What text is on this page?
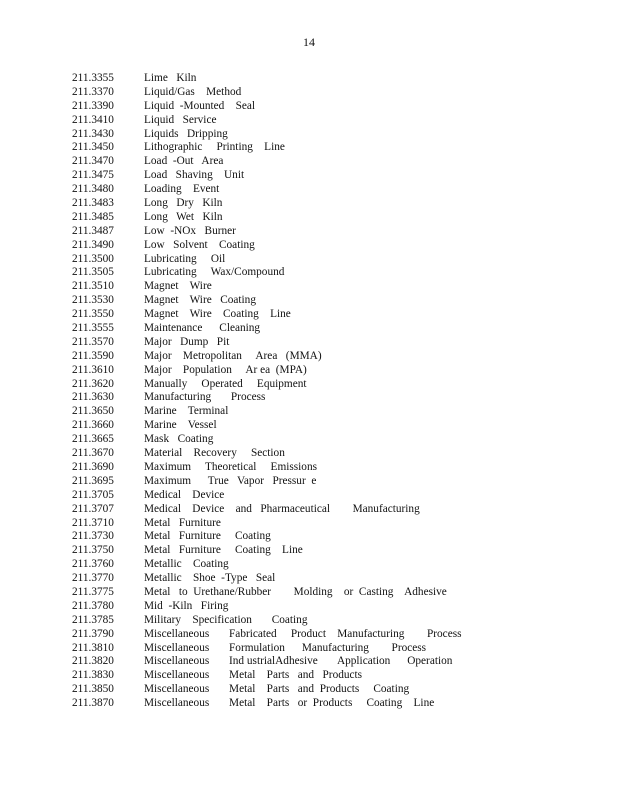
14
211.3355	Lime   Kiln
211.3370	Liquid/Gas    Method
211.3390	Liquid  -Mounted    Seal
211.3410	Liquid   Service
211.3430	Liquids   Dripping
211.3450	Lithographic     Printing    Line
211.3470	Load  -Out   Area
211.3475	Load   Shaving    Unit
211.3480	Loading    Event
211.3483	Long   Dry   Kiln
211.3485	Long   Wet   Kiln
211.3487	Low  -NOx   Burner
211.3490	Low   Solvent    Coating
211.3500	Lubricating     Oil
211.3505	Lubricating     Wax/Compound
211.3510	Magnet    Wire
211.3530	Magnet    Wire   Coating
211.3550	Magnet    Wire    Coating    Line
211.3555	Maintenance      Cleaning
211.3570	Major   Dump   Pit
211.3590	Major    Metropolitan     Area   (MMA)
211.3610	Major    Population     Ar ea  (MPA)
211.3620	Manually     Operated     Equipment
211.3630	Manufacturing       Process
211.3650	Marine    Terminal
211.3660	Marine    Vessel
211.3665	Mask   Coating
211.3670	Material    Recovery     Section
211.3690	Maximum     Theoretical     Emissions
211.3695	Maximum      True   Vapor   Pressur  e
211.3705	Medical    Device
211.3707	Medical    Device    and   Pharmaceutical        Manufacturing
211.3710	Metal   Furniture
211.3730	Metal   Furniture     Coating
211.3750	Metal   Furniture     Coating    Line
211.3760	Metallic    Coating
211.3770	Metallic    Shoe  -Type   Seal
211.3775	Metal   to  Urethane/Rubber        Molding    or  Casting    Adhesive
211.3780	Mid  -Kiln   Firing
211.3785	Military    Specification       Coating
211.3790	Miscellaneous       Fabricated     Product    Manufacturing        Process
211.3810	Miscellaneous       Formulation      Manufacturing        Process
211.3820	Miscellaneous       Ind ustrialAdhesive       Application      Operation
211.3830	Miscellaneous       Metal    Parts   and   Products
211.3850	Miscellaneous       Metal    Parts   and  Products     Coating
211.3870	Miscellaneous       Metal    Parts   or  Products     Coating    Line
